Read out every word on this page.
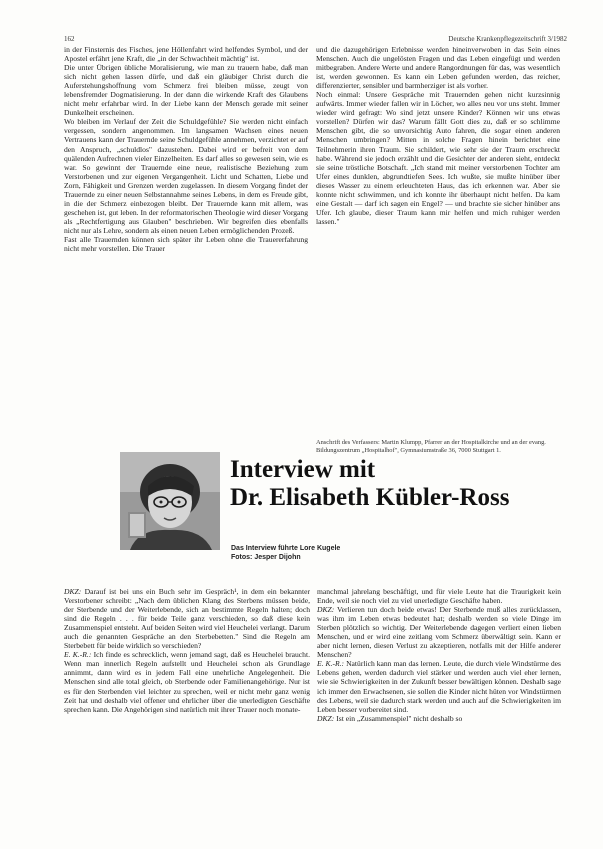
162	Deutsche Krankenpflegezeitschrift 3/1982

in der Finsternis des Fisches, jene Höllenfahrt wird helfendes Symbol, und der Apostel erfährt jene Kraft, die „in der Schwachheit mächtig" ist.

Die unter Übrigen übliche Moralisierung, wie man zu trauern habe, daß man sich nicht gehen lassen dürfe, und daß ein gläubiger Christ durch die Auferstehungshoffnung vom Schmerz frei bleiben müsse, zeugt von lebensfremder Dogmatisierung. In der dann die wirkende Kraft des Glaubens nicht mehr erfahrbar wird. In der Liebe kann der Mensch gerade mit seiner Dunkelheit erscheinen.

Wo bleiben im Verlauf der Zeit die Schuldgefühle? Sie werden nicht einfach vergessen, sondern angenommen. Im langsamen Wachsen eines neuen Vertrauens kann der Trauernde seine Schuldgefühle annehmen, verzichtet er auf den Anspruch, „schuldlos" dazustehen. Dabei wird er befreit von dem quälenden Aufrechnen vieler Einzelheiten. Es darf alles so gewesen sein, wie es war. So gewinnt der Trauernde eine neue, realistische Beziehung zum Verstorbenen und zur eigenen Vergangenheit. Licht und Schatten, Liebe und Zorn, Fähigkeit und Grenzen werden zugelassen. In diesem Vorgang findet der Trauernde zu einer neuen Selbstannahme seines Lebens, in dem es Freude gibt, in die der Schmerz einbezogen bleibt. Der Trauernde kann mit allem, was geschehen ist, gut leben. In der reformatorischen Theologie wird dieser Vorgang als „Rechtfertigung aus Glauben" beschrieben. Wir begreifen dies ebenfalls nicht nur als Lehre, sondern als einen neuen Leben ermöglichenden Prozeß.

Fast alle Trauernden können sich später ihr Leben ohne die Trauererfahrung nicht mehr vorstellen. Die Trauer

und die dazugehörigen Erlebnisse werden hineinverwoben in das Sein eines Menschen. Auch die ungelösten Fragen und das Leben eingefügt und werden mitbegraben. Andere Werte und andere Rangordnungen für das, was wesentlich ist, werden gewonnen. Es kann ein Leben gefunden werden, das reicher, differenzierter, sensibler und barmherziger ist als vorher.

Noch einmal: Unsere Gespräche mit Trauernden gehen nicht kurzsinnig aufwärts. Immer wieder fallen wir in Löcher, wo alles neu vor uns steht. Immer wieder wird gefragt: Wo sind jetzt unsere Kinder? Können wir uns etwas vorstellen? Dürfen wir das? Warum fällt Gott dies zu, daß er so schlimme Menschen gibt, die so unvorsichtig Auto fahren, die sogar einen anderen Menschen umbringen? Mitten in solche Fragen hinein berichtet eine Teilnehmerin ihren Traum. Sie schildert, wie sehr sie der Traum erschreckt habe. Während sie jedoch erzählt und die Gesichter der anderen sieht, entdeckt sie seine tröstliche Botschaft. „Ich stand mit meiner verstorbenen Tochter am Ufer eines dunklen, abgrundtiefen Sees. Ich wußte, sie mußte hinüber über dieses Wasser zu einem erleuchteten Haus, das ich erkennen war. Aber sie konnte nicht schwimmen, und ich konnte ihr überhaupt nicht helfen. Da kam eine Gestalt — darf ich sagen ein Engel? — und brachte sie sicher hinüber ans Ufer. Ich glaube, dieser Traum kann mir helfen und mich ruhiger werden lassen."

Anschrift des Verfassers: Martin Klumpp, Pfarrer an der Hospitalkirche und an der evang. Bildungszentrum „Hospitalhof", Gymnasiumstraße 36, 7000 Stuttgart 1.
Interview mit
Dr. Elisabeth Kübler-Ross
Das Interview führte Lore Kugele
Fotos: Jesper Dijohn

DKZ: Darauf ist bei uns ein Buch sehr im Gespräch¹, in dem ein bekannter Verstorbener schreibt: „Nach dem üblichen Klang des Sterbens müssen beide, der Sterbende und der Weiterlebende, sich an bestimmte Regeln halten; doch sind die Regeln . . . für beide Teile ganz verschieden, so daß diese kein Zusammenspiel entsteht. Auf beiden Seiten wird viel Heuchelei verlangt. Darum auch die genannten Gespräche an den Sterbebetten." Sind die Regeln am Sterbebett für beide wirklich so verschieden?

E. K.-R.: Ich finde es schrecklich, wenn jemand sagt, daß es Heuchelei braucht. Wenn man innerlich Regeln aufstellt und Heuchelei schon als Grundlage annimmt, dann wird es in jedem Fall eine unehrliche Angelegenheit. Die Menschen sind alle total gleich, ob Sterbende oder Familienangehörige. Nur ist es für den Sterbenden viel leichter zu sprechen, weil er nicht mehr ganz wenig Zeit hat und deshalb viel offener und ehrlicher über die unerledigten Geschäfte sprechen kann. Die Angehörigen sind natürlich mit ihrer Trauer noch monate-

manchmal jahrelang beschäftigt, und für viele Leute hat die Traurigkeit kein Ende, weil sie noch viel zu viel unerledigte Geschäfte haben.

DKZ: Verlieren tun doch beide etwas! Der Sterbende muß alles zurücklassen, was ihm im Leben etwas bedeutet hat; deshalb werden so viele Dinge im Sterben plötzlich so wichtig. Der Weiterlebende dagegen verliert einen lieben Menschen, und er wird eine zeitlang vom Schmerz überwältigt sein. Kann er aber nicht lernen, diesen Verlust zu akzeptieren, notfalls mit der Hilfe anderer Menschen?

E. K.-R.: Natürlich kann man das lernen. Leute, die durch viele Windstürme des Lebens gehen, werden dadurch viel stärker und werden auch viel eher lernen, wie sie Schwierigkeiten in der Zukunft besser bewältigen können. Deshalb sage ich immer den Erwachsenen, sie sollen die Kinder nicht hüten vor Windstürmen des Lebens, weil sie dadurch stark werden und auch auf die Schwierigkeiten im Leben besser vorbereitet sind.

DKZ: Ist ein „Zusammenspiel" nicht deshalb so
